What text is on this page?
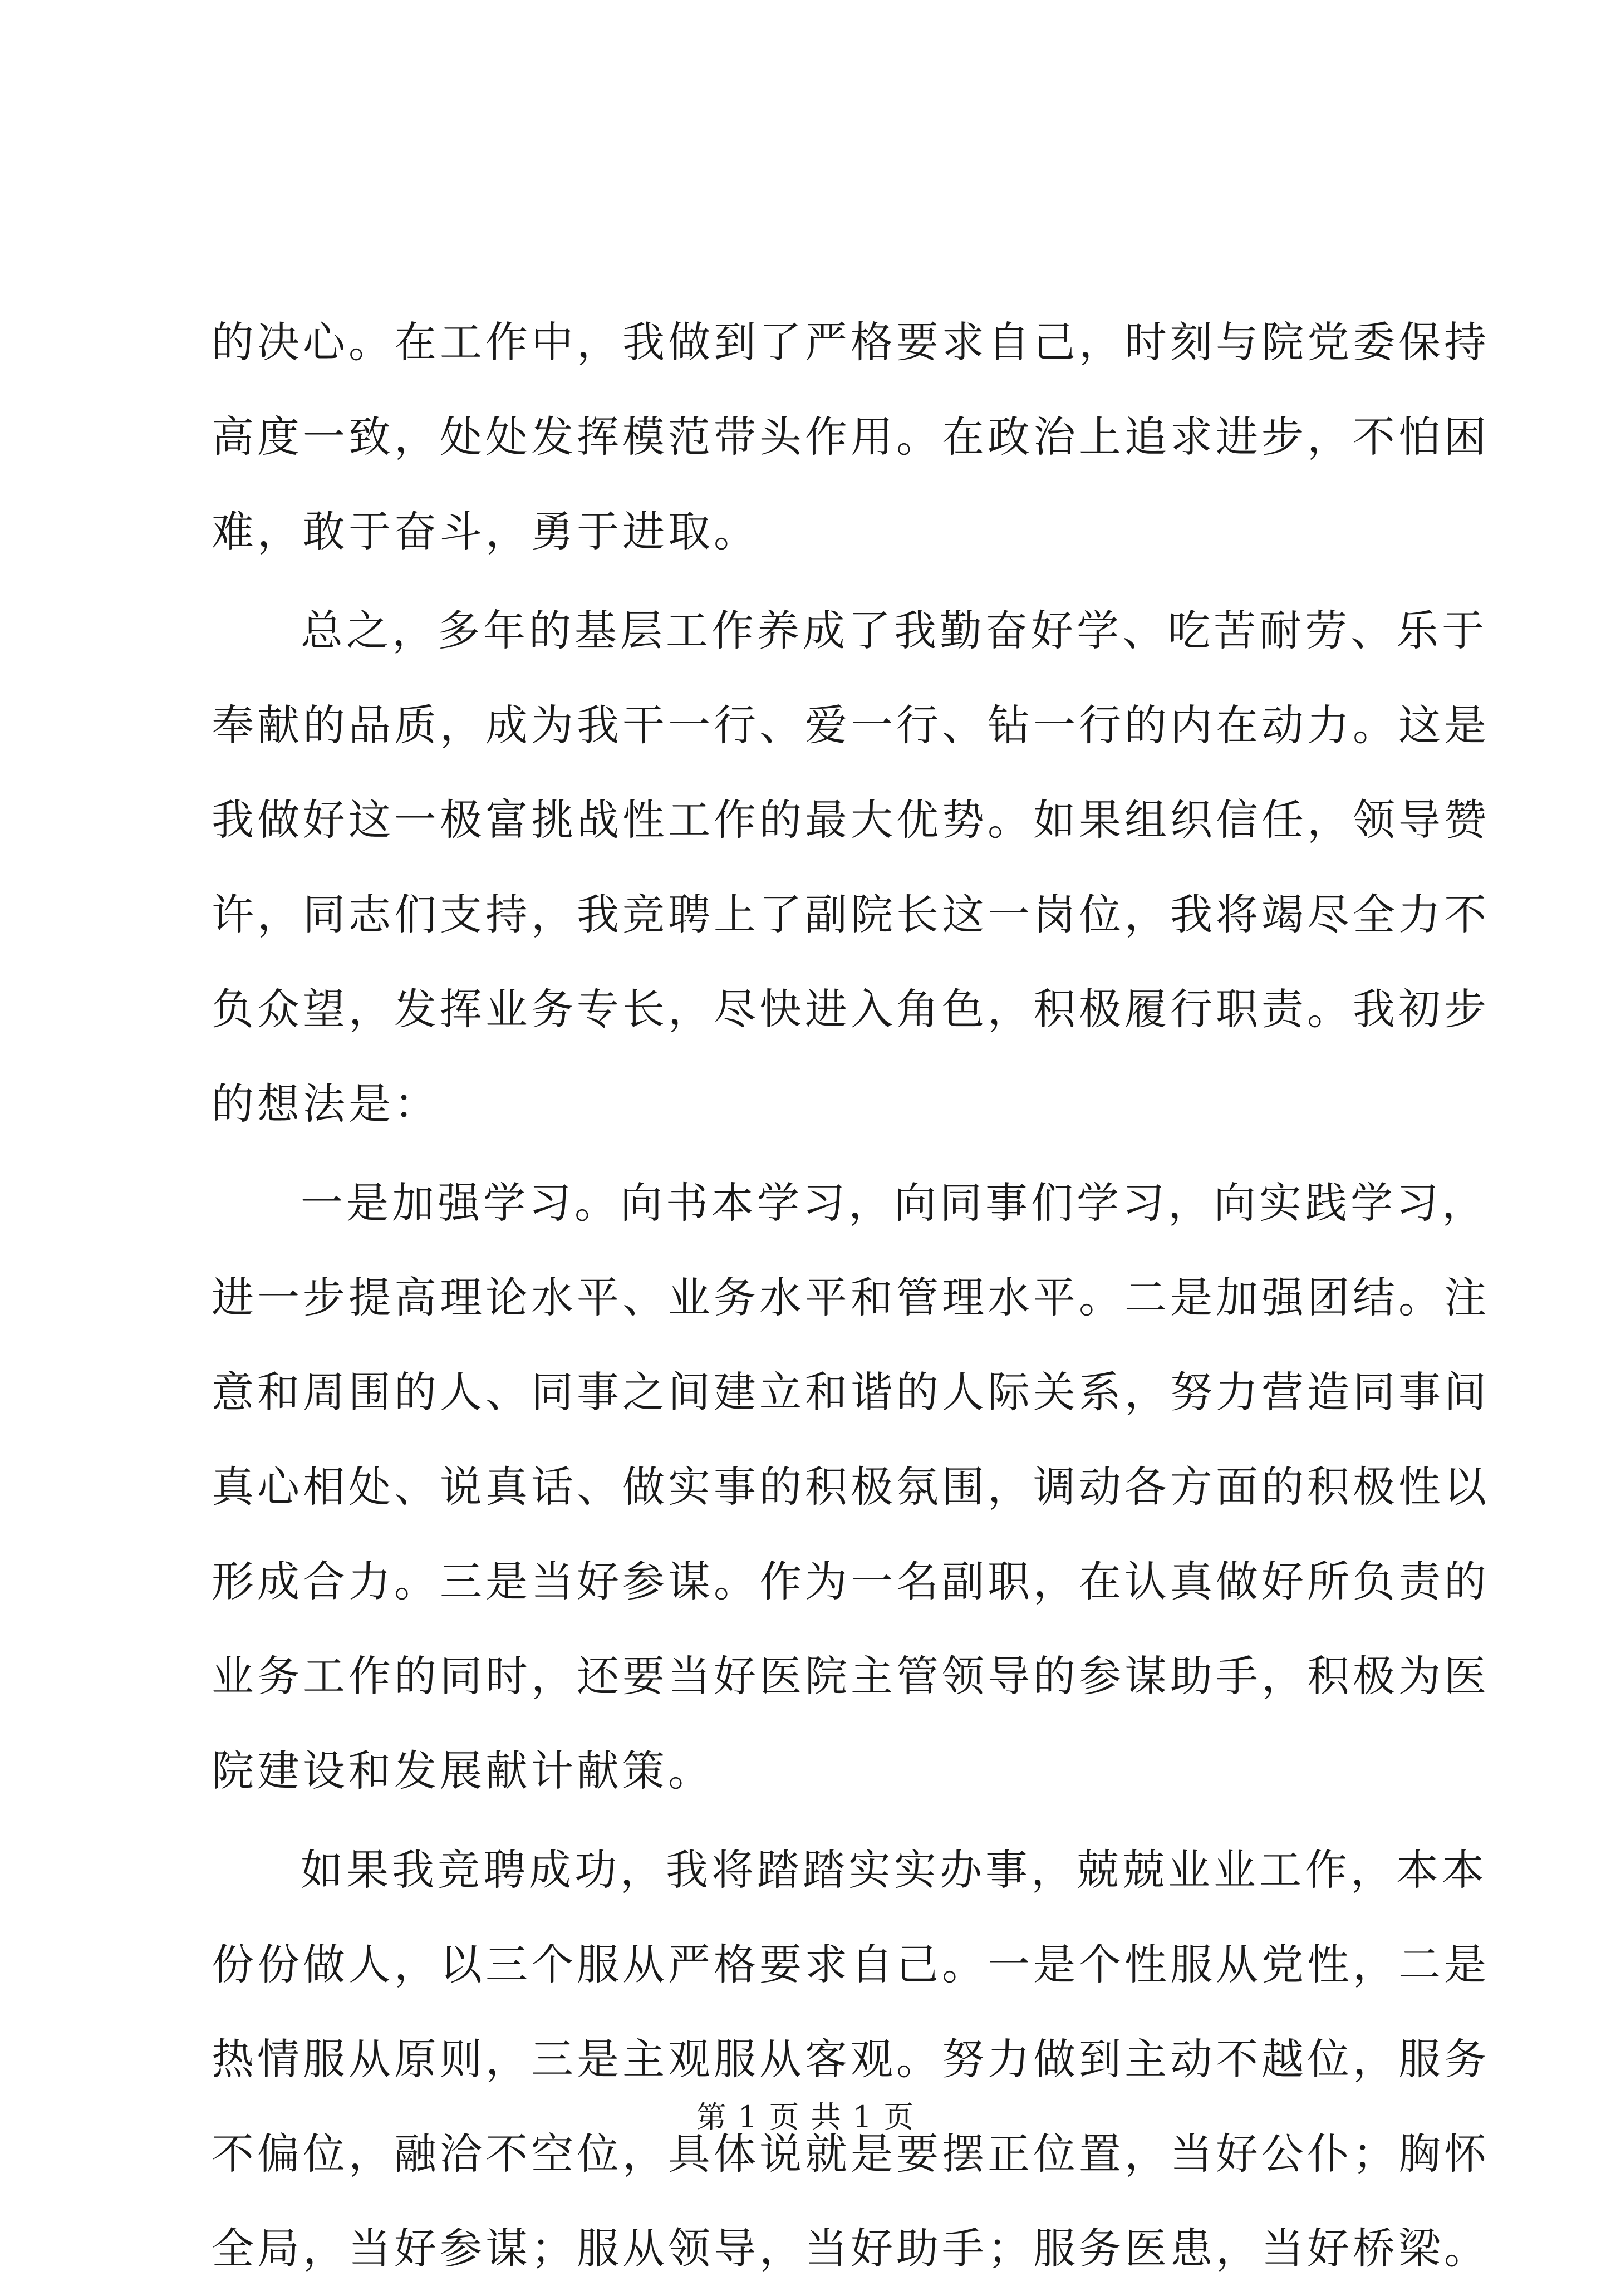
的决心。在工作中，我做到了严格要求自己，时刻与院党委保持
高度一致，处处发挥模范带头作用。在政治上追求进步，不怕困
难，敢于奋斗，勇于进取。
总之，多年的基层工作养成了我勤奋好学、吃苦耐劳、乐于
奉献的品质，成为我干一行、爱一行、钻一行的内在动力。这是
我做好这一极富挑战性工作的最大优势。如果组织信任，领导赞
许，同志们支持，我竞聘上了副院长这一岗位，我将竭尽全力不
负众望，发挥业务专长，尽快进入角色，积极履行职责。我初步
的想法是：
一是加强学习。向书本学习，向同事们学习，向实践学习，
进一步提高理论水平、业务水平和管理水平。二是加强团结。注
意和周围的人、同事之间建立和谐的人际关系，努力营造同事间
真心相处、说真话、做实事的积极氛围，调动各方面的积极性以
形成合力。三是当好参谋。作为一名副职，在认真做好所负责的
业务工作的同时，还要当好医院主管领导的参谋助手，积极为医
院建设和发展献计献策。
如果我竞聘成功，我将踏踏实实办事，兢兢业业工作，本本
份份做人，以三个服从严格要求自己。一是个性服从党性，二是
热情服从原则，三是主观服从客观。努力做到主动不越位，服务
不偏位，融洽不空位，具体说就是要摆正位置，当好公仆；胸怀
全局，当好参谋；服从领导，当好助手；服务医患，当好桥梁。
第 1 页 共 1 页
